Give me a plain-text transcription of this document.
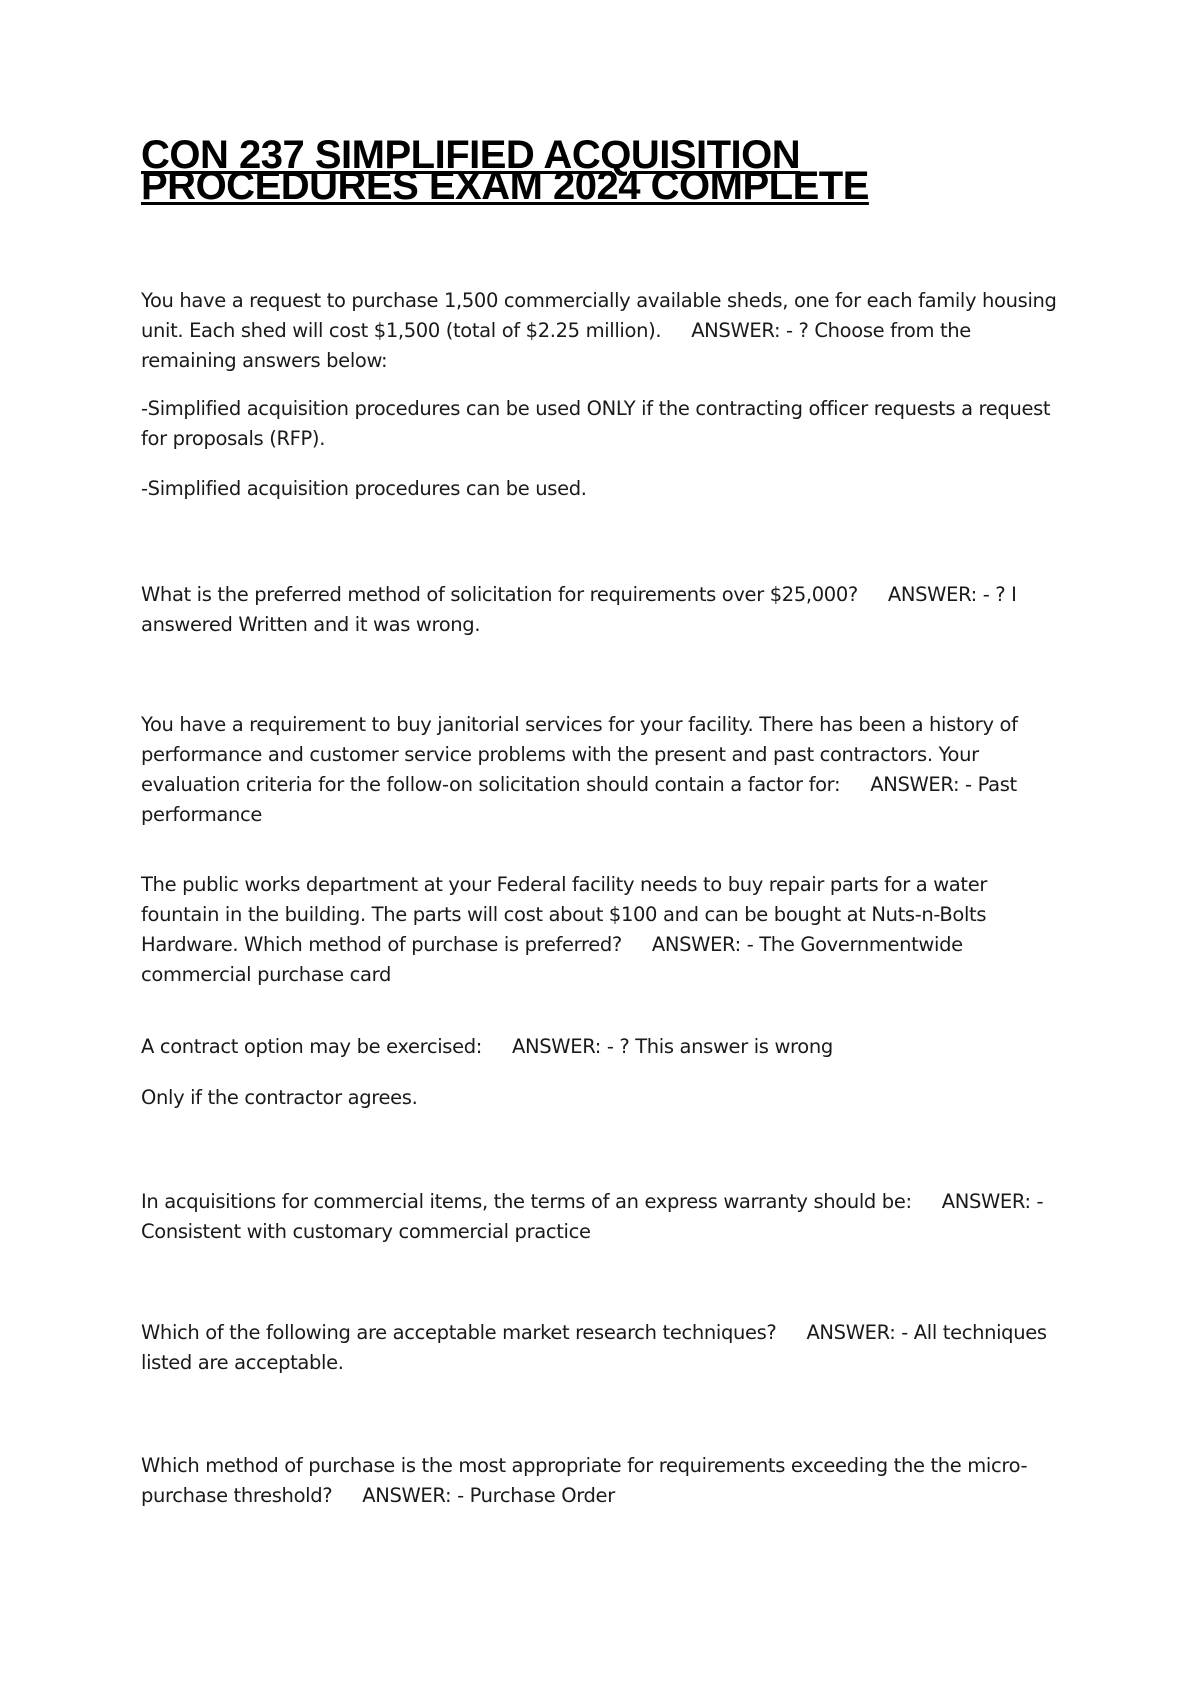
CON 237 SIMPLIFIED ACQUISITION
PROCEDURES EXAM 2024 COMPLETE

You have a request to purchase 1,500 commercially available sheds, one for each family housing unit. Each shed will cost $1,500 (total of $2.25 million). ANSWER: - ? Choose from the remaining answers below:

-Simplified acquisition procedures can be used ONLY if the contracting officer requests a request for proposals (RFP).

-Simplified acquisition procedures can be used.

What is the preferred method of solicitation for requirements over $25,000? ANSWER: - ? I answered Written and it was wrong.

You have a requirement to buy janitorial services for your facility. There has been a history of performance and customer service problems with the present and past contractors. Your evaluation criteria for the follow-on solicitation should contain a factor for: ANSWER: - Past performance

The public works department at your Federal facility needs to buy repair parts for a water fountain in the building. The parts will cost about $100 and can be bought at Nuts-n-Bolts Hardware. Which method of purchase is preferred? ANSWER: - The Governmentwide commercial purchase card

A contract option may be exercised: ANSWER: - ? This answer is wrong

Only if the contractor agrees.

In acquisitions for commercial items, the terms of an express warranty should be: ANSWER: - Consistent with customary commercial practice

Which of the following are acceptable market research techniques? ANSWER: - All techniques listed are acceptable.

Which method of purchase is the most appropriate for requirements exceeding the the micro-purchase threshold? ANSWER: - Purchase Order
